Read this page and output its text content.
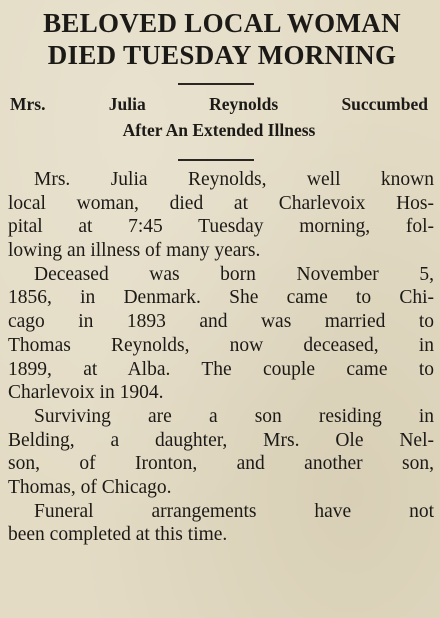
BELOVED LOCAL WOMAN
DIED TUESDAY MORNING
Mrs. Julia Reynolds Succumbed
After An Extended Illness
Mrs. Julia Reynolds, well known
local woman, died at Charlevoix Hos-
pital at 7:45 Tuesday morning, fol-
lowing an illness of many years.
Deceased was born November 5,
1856, in Denmark. She came to Chi-
cago in 1893 and was married to
Thomas Reynolds, now deceased, in
1899, at Alba. The couple came to
Charlevoix in 1904.
Surviving are a son residing in
Belding, a daughter, Mrs. Ole Nel-
son, of Ironton, and another son,
Thomas, of Chicago.
Funeral arrangements have not
been completed at this time.
